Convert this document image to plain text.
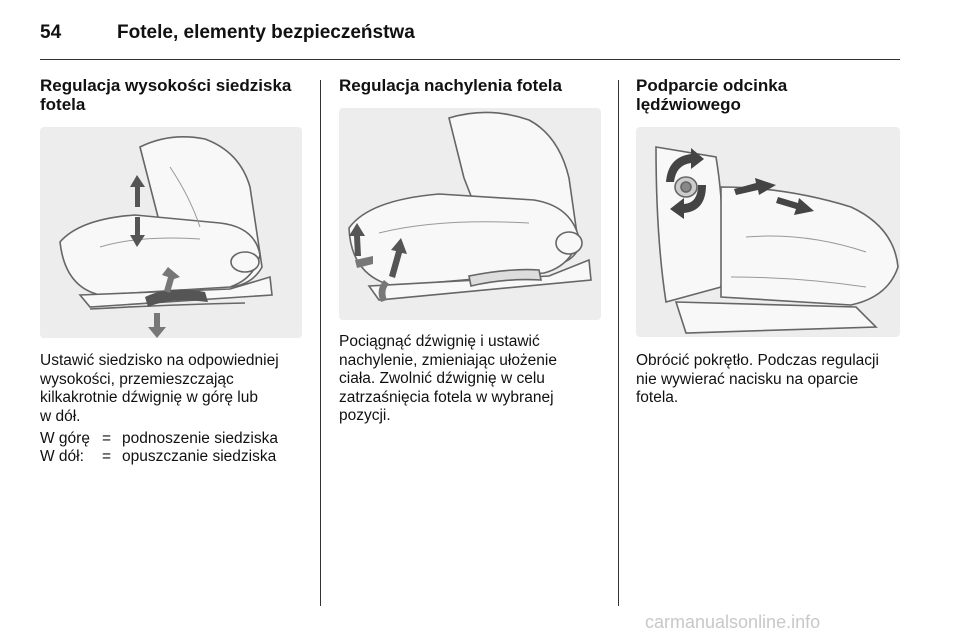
54	Fotele, elementy bezpieczeństwa
Regulacja wysokości siedziska
fotela
Ustawić siedzisko na odpowiedniej
wysokości, przemieszczając
kilkakrotnie dźwignię w górę lub
w dół.
W górę = podnoszenie siedziska
W dół: = opuszczanie siedziska
Regulacja nachylenia fotela
Pociągnąć dźwignię i ustawić
nachylenie, zmieniając ułożenie
ciała. Zwolnić dźwignię w celu
zatrzaśnięcia fotela w wybranej
pozycji.
Podparcie odcinka
lędźwiowego
Obrócić pokrętło. Podczas regulacji
nie wywierać nacisku na oparcie
fotela.
carmanualsonline.info
